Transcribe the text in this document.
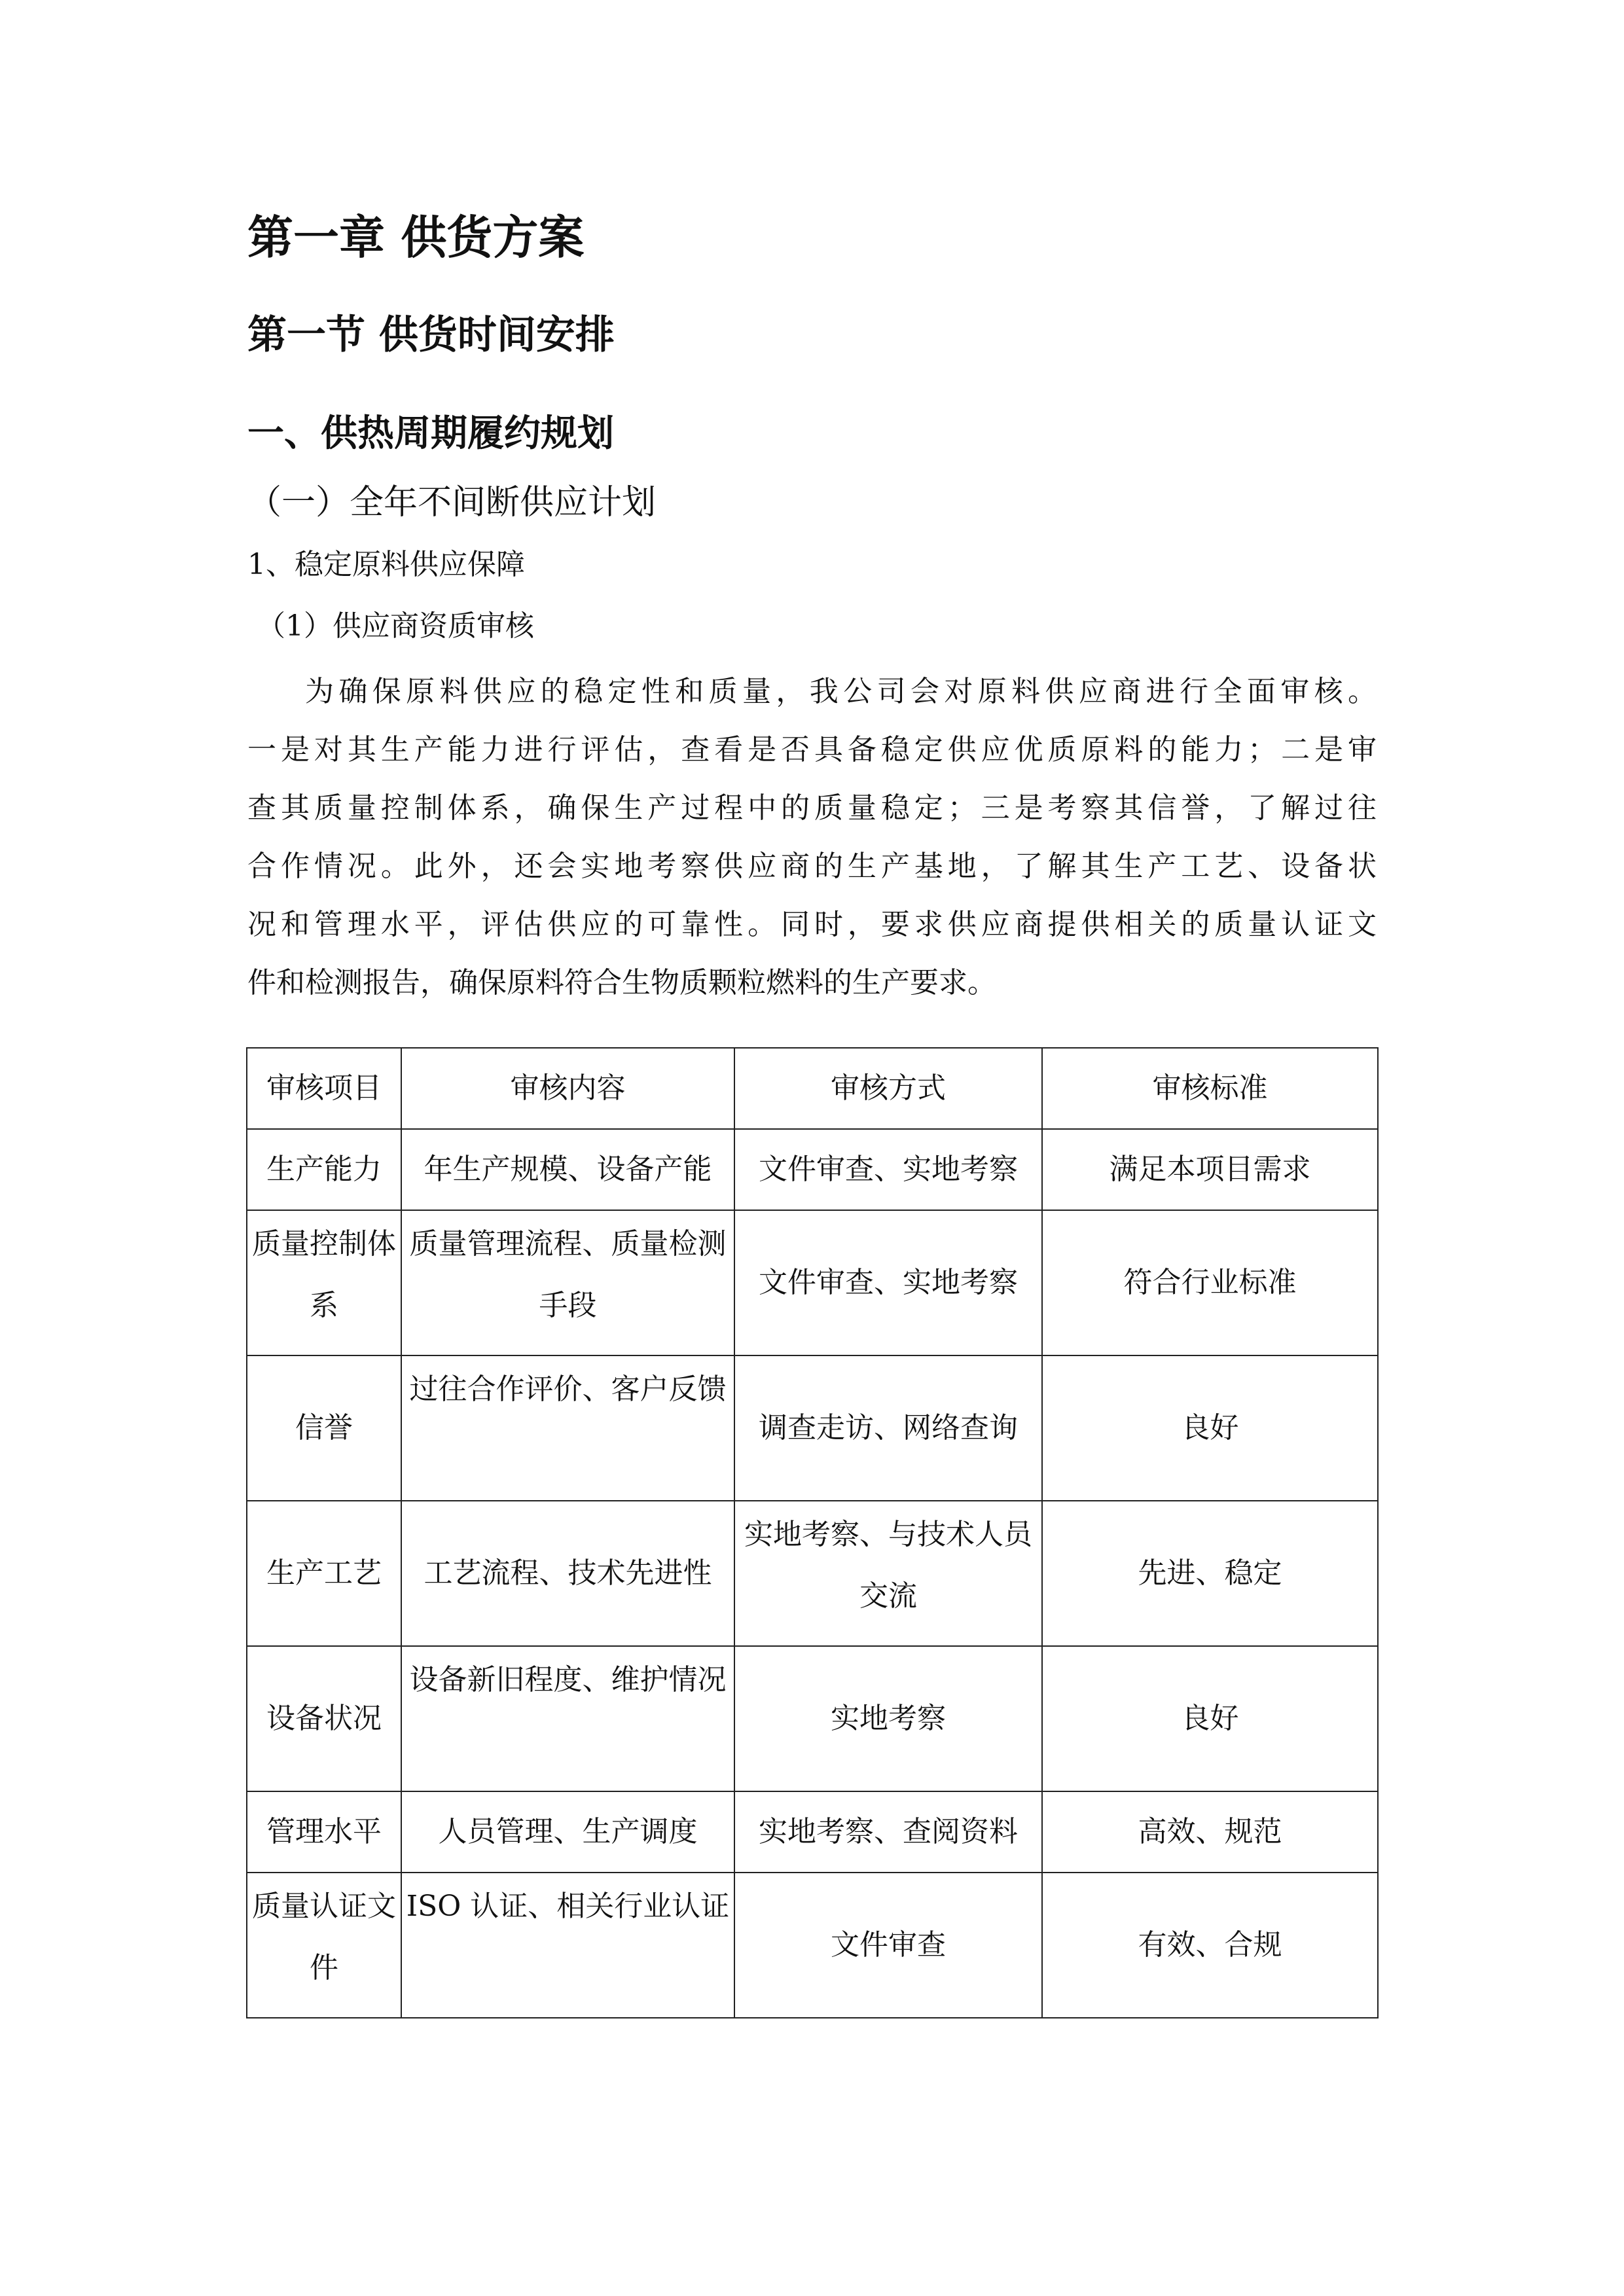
第一章 供货方案
第一节 供货时间安排
一、供热周期履约规划
（一）全年不间断供应计划
1、稳定原料供应保障
（1）供应商资质审核
为确保原料供应的稳定性和质量，我公司会对原料供应商进行全面审核。
一是对其生产能力进行评估，查看是否具备稳定供应优质原料的能力；二是审
查其质量控制体系，确保生产过程中的质量稳定；三是考察其信誉，了解过往
合作情况。此外，还会实地考察供应商的生产基地，了解其生产工艺、设备状
况和管理水平，评估供应的可靠性。同时，要求供应商提供相关的质量认证文
件和检测报告，确保原料符合生物质颗粒燃料的生产要求。
审核项目	审核内容	审核方式	审核标准
生产能力	年生产规模、设备产能	文件审查、实地考察	满足本项目需求
质量控制体系	质量管理流程、质量检测手段	文件审查、实地考察	符合行业标准
信誉	过往合作评价、客户反馈	调查走访、网络查询	良好
生产工艺	工艺流程、技术先进性	实地考察、与技术人员交流	先进、稳定
设备状况	设备新旧程度、维护情况	实地考察	良好
管理水平	人员管理、生产调度	实地考察、查阅资料	高效、规范
质量认证文件	ISO 认证、相关行业认证	文件审查	有效、合规
